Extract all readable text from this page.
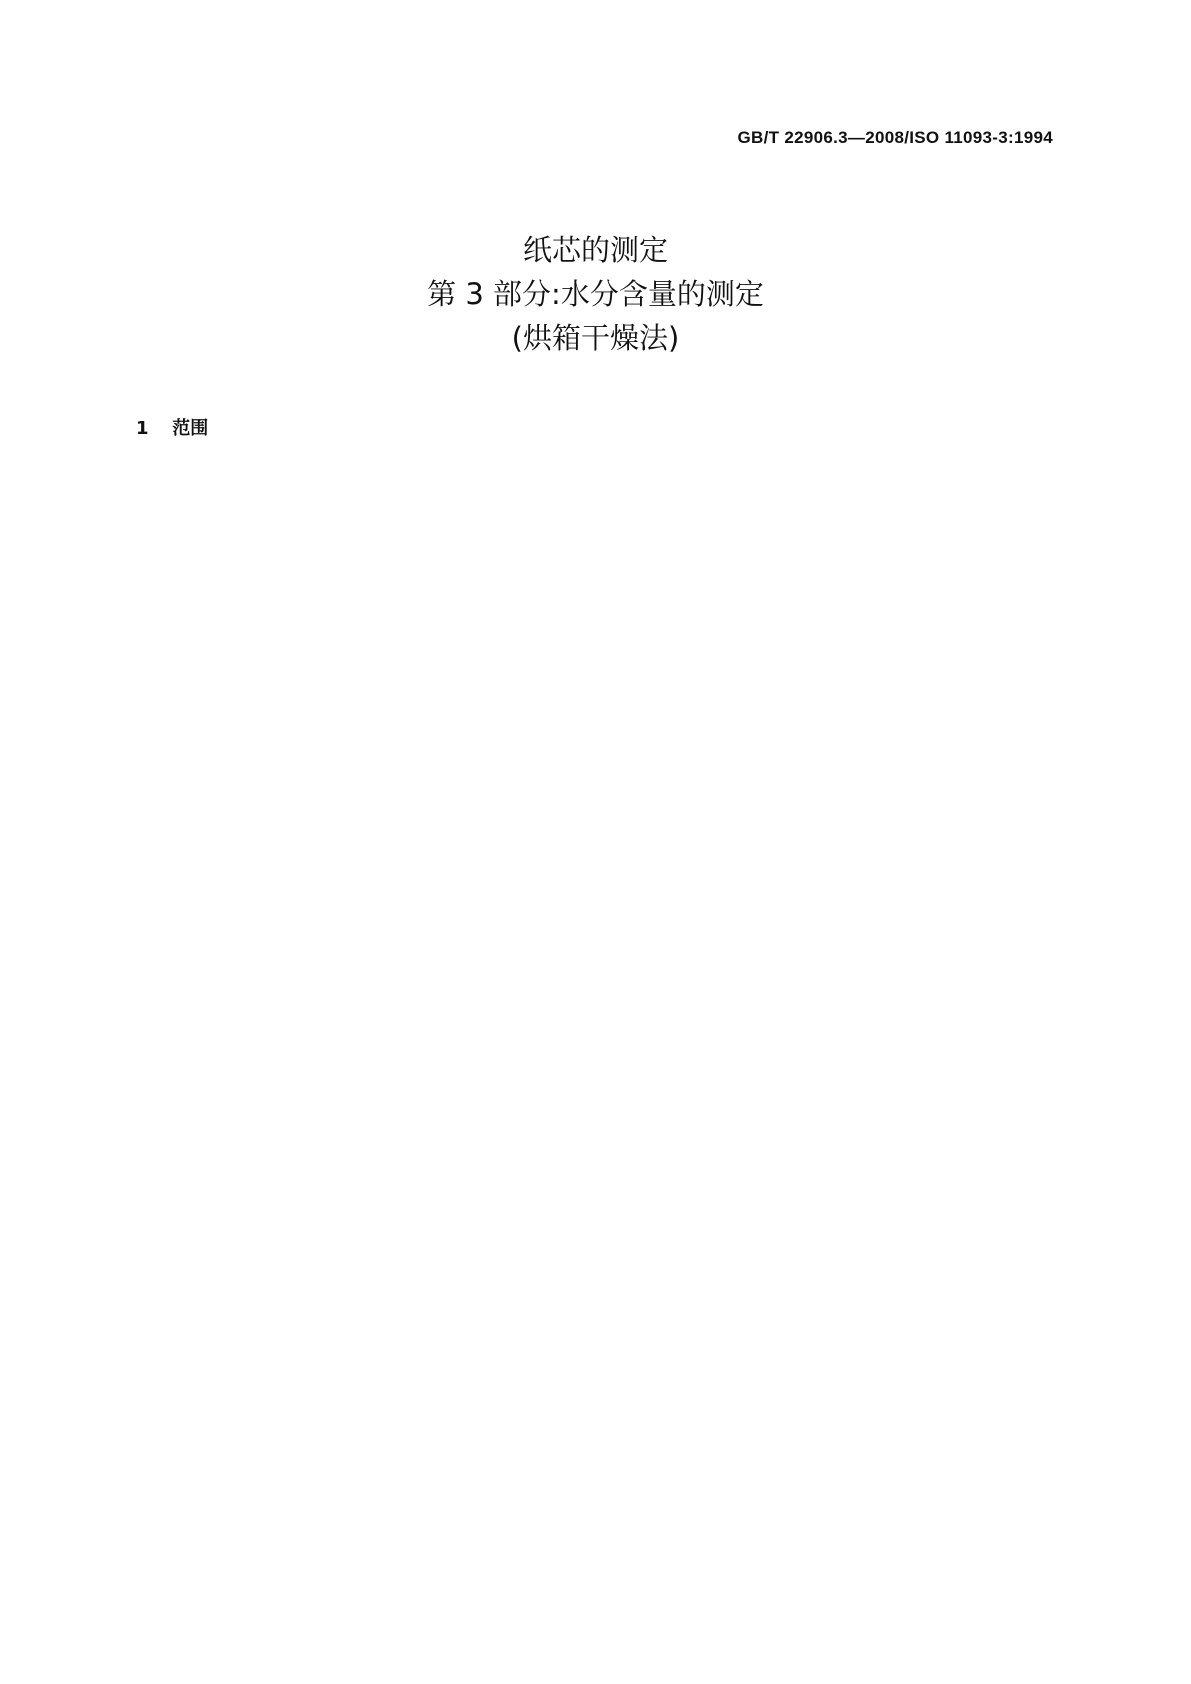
GB/T 22906.3—2008/ISO 11093-3:1994
纸芯的测定
第 3 部分:水分含量的测定
(烘箱干燥法)
1 范围
